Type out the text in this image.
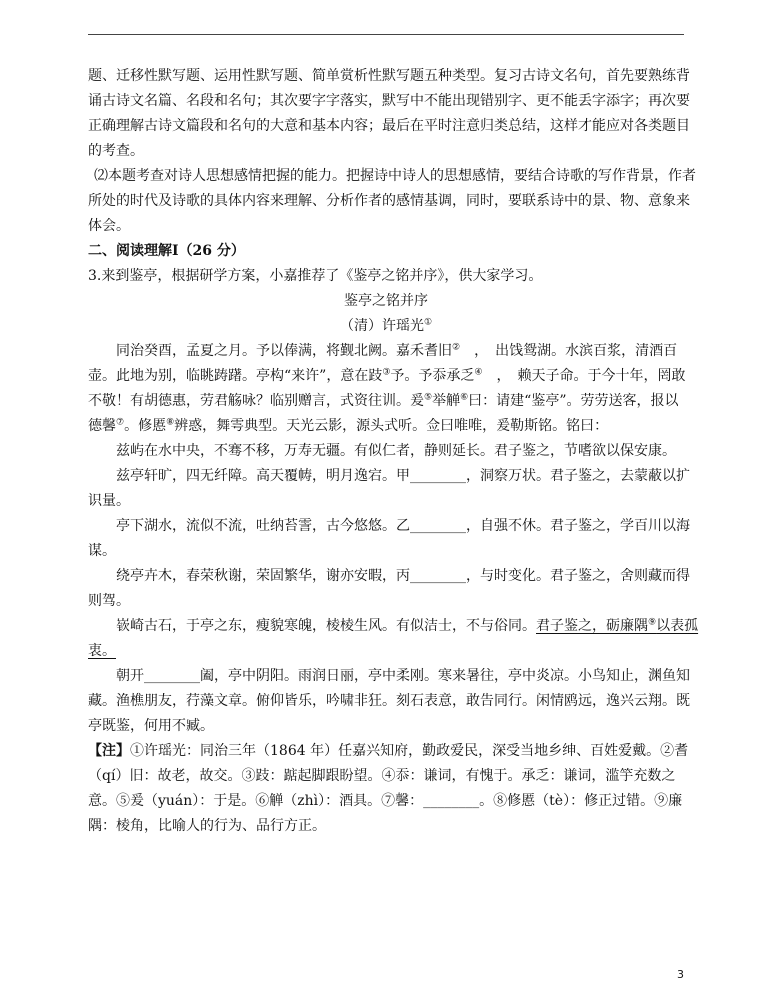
题、迁移性默写题、运用性默写题、简单赏析性默写题五种类型。复习古诗文名句，首先要熟练背
诵古诗文名篇、名段和名句；其次要字字落实，默写中不能出现错别字、更不能丢字添字；再次要
正确理解古诗文篇段和名句的大意和基本内容；最后在平时注意归类总结，这样才能应对各类题目
的考查。
⑵本题考查对诗人思想感情把握的能力。把握诗中诗人的思想感情，要结合诗歌的写作背景，作者
所处的时代及诗歌的具体内容来理解、分析作者的感情基调，同时，要联系诗中的景、物、意象来
体会。
二、阅读理解Ⅰ（26 分）
3.来到鉴亭，根据研学方案，小嘉推荐了《鉴亭之铭并序》，供大家学习。
鉴亭之铭并序
（清）许瑶光①
同治癸酉，孟夏之月。予以俸满，将觐北阙。嘉禾耆旧②　，　出饯鸳湖。水滨百浆，清酒百
壶。此地为别，临眺踌躇。亭构“来许”，意在跂③予。予忝承乏④　，　赖天子命。于今十年，罔敢
不敬！有胡德惠，劳君觞咏？临别赠言，式资往训。爰⑤举觯⑥曰：请建“鉴亭”。劳劳送客，报以
德馨⑦。修慝⑧辨惑，舞雩典型。天光云影，源头式听。佥曰唯唯，爰勒斯铭。铭曰：
兹屿在水中央，不骞不移，万寿无疆。有似仁者，静则延长。君子鉴之，节嗜欲以保安康。
兹亭轩旷，四无纤障。高天覆帱，明月逸宕。甲________，洞察万状。君子鉴之，去蒙蔽以扩
识量。
亭下湖水，流似不流，吐纳苔霅，古今悠悠。乙________，自强不休。君子鉴之，学百川以海
谋。
绕亭卉木，春荣秋谢，荣固繁华，谢亦安暇，丙________，与时变化。君子鉴之，舍则藏而得
则驾。
嵚崎古石，于亭之东，瘦貌寒魄，棱棱生风。有似洁士，不与俗同。君子鉴之，砺廉隅⑨以表孤
衷。
朝开________阖，亭中阴阳。雨润日丽，亭中柔刚。寒来暑往，亭中炎凉。小鸟知止，渊鱼知
藏。渔樵朋友，荇藻文章。俯仰皆乐，吟啸非狂。刻石表意，敢告同行。闲情鸥远，逸兴云翔。既
亭既鉴，何用不臧。
【注】①许瑶光：同治三年（1864 年）任嘉兴知府，勤政爱民，深受当地乡绅、百姓爱戴。②耆
（qí）旧：故老，故交。③跂：踮起脚跟盼望。④忝：谦词，有愧于。承乏：谦词，滥竽充数之
意。⑤爰（yuán）：于是。⑥觯（zhì）：酒具。⑦馨：________。⑧修慝（tè）：修正过错。⑨廉
隅：棱角，比喻人的行为、品行方正。
3
